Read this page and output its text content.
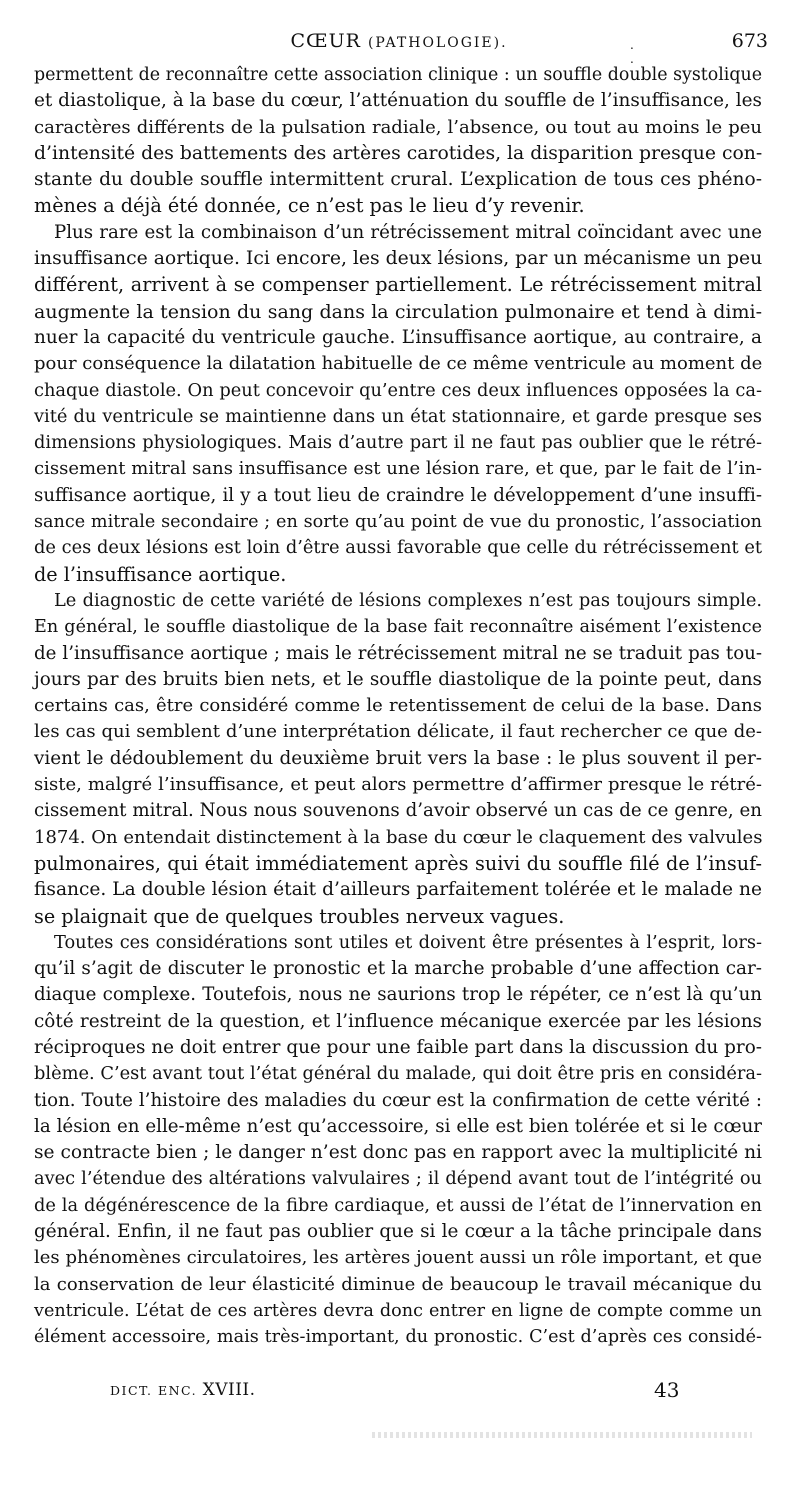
CŒUR (PATHOLOGIE).	. .
673
permettent de reconnaître cette association clinique : un souffle double systolique
et diastolique, à la base du cœur, l’atténuation du souffle de l’insuffisance, les
caractères différents de la pulsation radiale, l’absence, ou tout au moins le peu
d’intensité des battements des artères carotides, la disparition presque con-
stante du double souffle intermittent crural. L’explication de tous ces phéno-
mènes a déjà été donnée, ce n’est pas le lieu d’y revenir.
Plus rare est la combinaison d’un rétrécissement mitral coïncidant avec une
insuffisance aortique. Ici encore, les deux lésions, par un mécanisme un peu
différent, arrivent à se compenser partiellement. Le rétrécissement mitral
augmente la tension du sang dans la circulation pulmonaire et tend à dimi-
nuer la capacité du ventricule gauche. L’insuffisance aortique, au contraire, a
pour conséquence la dilatation habituelle de ce même ventricule au moment de
chaque diastole. On peut concevoir qu’entre ces deux influences opposées la ca-
vité du ventricule se maintienne dans un état stationnaire, et garde presque ses
dimensions physiologiques. Mais d’autre part il ne faut pas oublier que le rétré-
cissement mitral sans insuffisance est une lésion rare, et que, par le fait de l’in-
suffisance aortique, il y a tout lieu de craindre le développement d’une insuffi-
sance mitrale secondaire ; en sorte qu’au point de vue du pronostic, l’association
de ces deux lésions est loin d’être aussi favorable que celle du rétrécissement et
de l’insuffisance aortique.
Le diagnostic de cette variété de lésions complexes n’est pas toujours simple.
En général, le souffle diastolique de la base fait reconnaître aisément l’existence
de l’insuffisance aortique ; mais le rétrécissement mitral ne se traduit pas tou-
jours par des bruits bien nets, et le souffle diastolique de la pointe peut, dans
certains cas, être considéré comme le retentissement de celui de la base. Dans
les cas qui semblent d’une interprétation délicate, il faut rechercher ce que de-
vient le dédoublement du deuxième bruit vers la base : le plus souvent il per-
siste, malgré l’insuffisance, et peut alors permettre d’affirmer presque le rétré-
cissement mitral. Nous nous souvenons d’avoir observé un cas de ce genre, en
1874. On entendait distinctement à la base du cœur le claquement des valvules
pulmonaires, qui était immédiatement après suivi du souffle filé de l’insuf-
fisance. La double lésion était d’ailleurs parfaitement tolérée et le malade ne
se plaignait que de quelques troubles nerveux vagues.
Toutes ces considérations sont utiles et doivent être présentes à l’esprit, lors-
qu’il s’agit de discuter le pronostic et la marche probable d’une affection car-
diaque complexe. Toutefois, nous ne saurions trop le répéter, ce n’est là qu’un
côté restreint de la question, et l’influence mécanique exercée par les lésions
réciproques ne doit entrer que pour une faible part dans la discussion du pro-
blème. C’est avant tout l’état général du malade, qui doit être pris en considéra-
tion. Toute l’histoire des maladies du cœur est la confirmation de cette vérité :
la lésion en elle-même n’est qu’accessoire, si elle est bien tolérée et si le cœur
se contracte bien ; le danger n’est donc pas en rapport avec la multiplicité ni
avec l’étendue des altérations valvulaires ; il dépend avant tout de l’intégrité ou
de la dégénérescence de la fibre cardiaque, et aussi de l’état de l’innervation en
général. Enfin, il ne faut pas oublier que si le cœur a la tâche principale dans
les phénomènes circulatoires, les artères jouent aussi un rôle important, et que
la conservation de leur élasticité diminue de beaucoup le travail mécanique du
ventricule. L’état de ces artères devra donc entrer en ligne de compte comme un
élément accessoire, mais très-important, du pronostic. C’est d’après ces considé-
DICT. ENC. XVIII.	43
